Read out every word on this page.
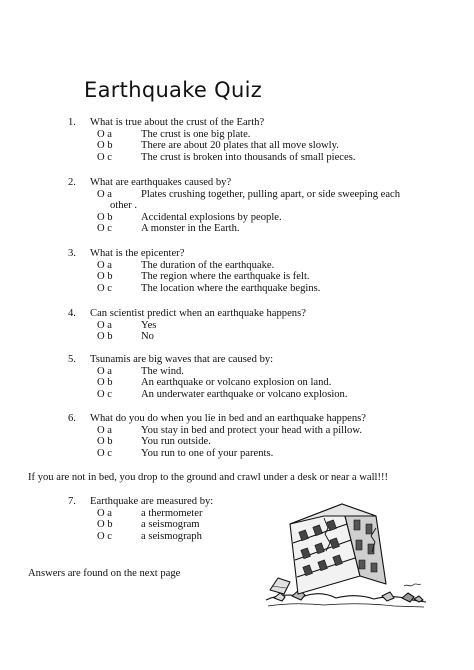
Earthquake Quiz
1. What is true about the crust of the Earth?
O a	The crust is one big plate.
O b	There are about 20 plates that all move slowly.
O c	The crust is broken into thousands of small pieces.
2. What are earthquakes caused by?
O a	Plates crushing together, pulling apart, or side sweeping each
other .
O b	Accidental explosions by people.
O c	A monster in the Earth.
3. What is the epicenter?
O a	The duration of the earthquake.
O b	The region where the earthquake is felt.
O c	The location where the earthquake begins.
4. Can scientist predict when an earthquake happens?
O a	Yes
O b	No
5. Tsunamis are big waves that are caused by:
O a	The wind.
O b	An earthquake or volcano explosion on land.
O c	An underwater earthquake or volcano explosion.
6. What do you do when you lie in bed and an earthquake happens?
O a	You stay in bed and protect your head with a pillow.
O b	You run outside.
O c	You run to one of your parents.
If you are not in bed, you drop to the ground and crawl under a desk or near a wall!!!
7. Earthquake are measured by:
O a	a thermometer
O b	a seismogram
O c	a seismograph
Answers are found on the next page
